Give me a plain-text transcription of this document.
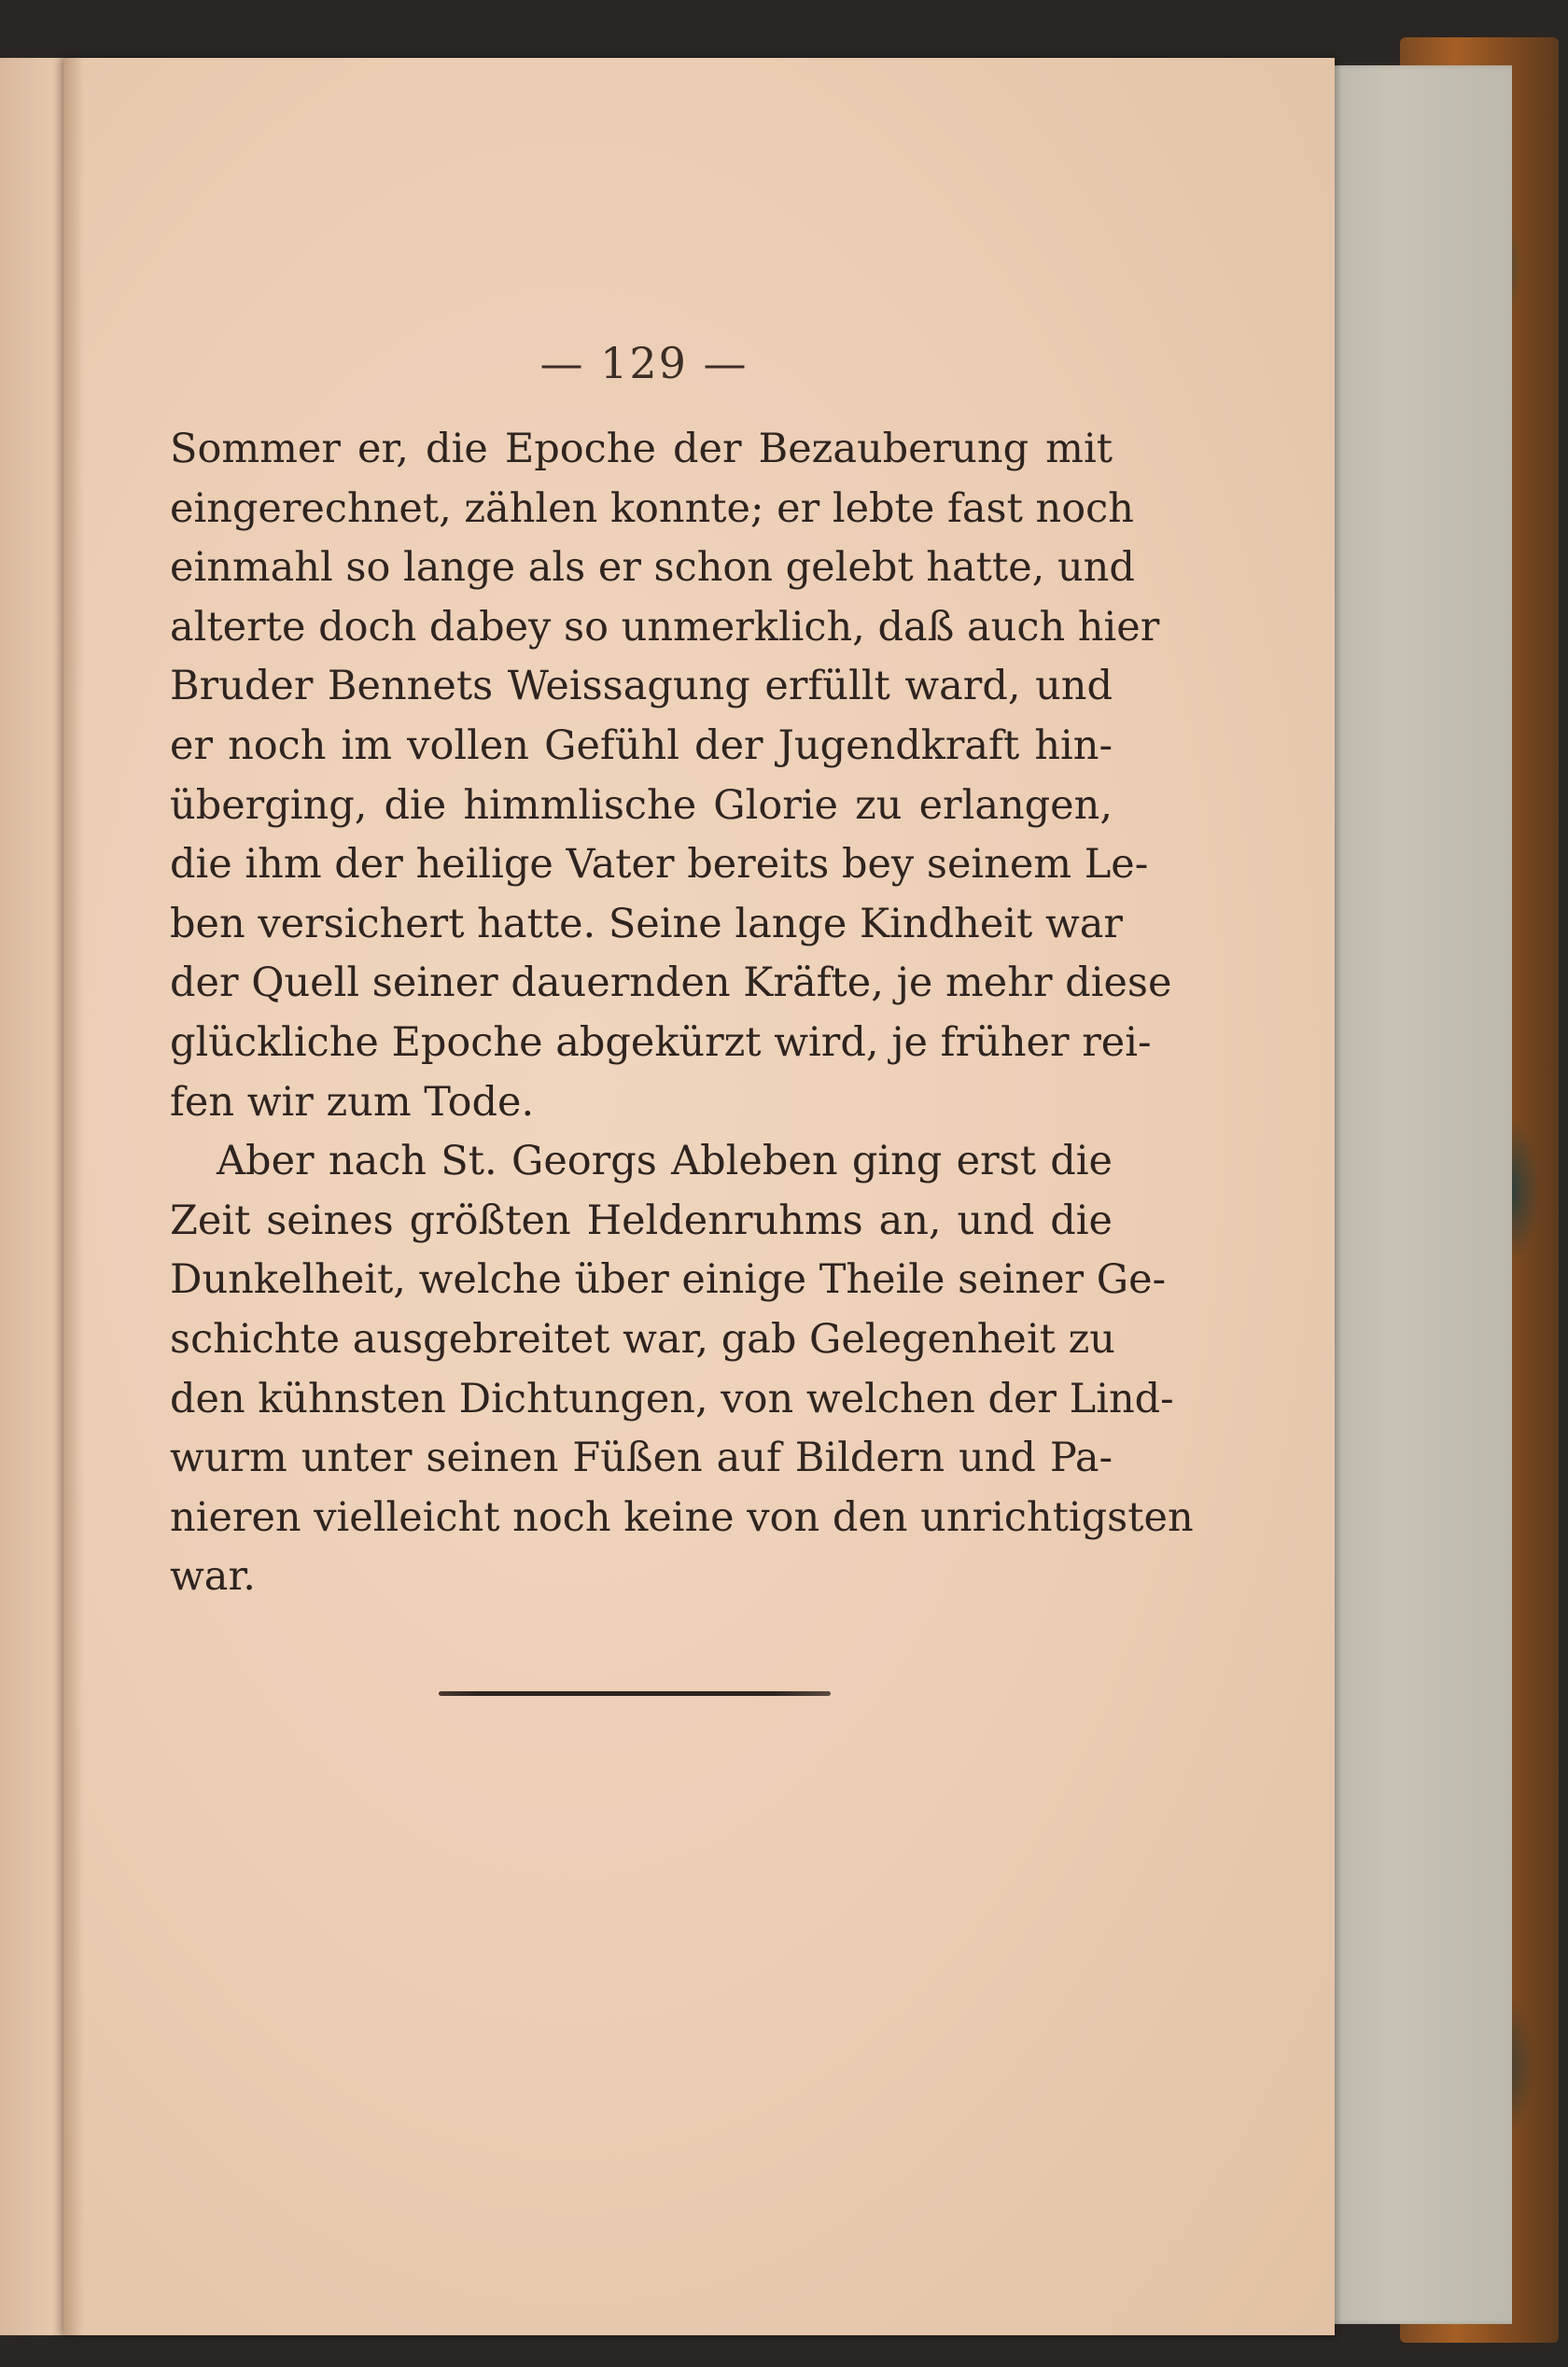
— 129 —
Sommer er, die Epoche der Bezauberung mit
eingerechnet, zählen konnte; er lebte fast noch
einmahl so lange als er schon gelebt hatte, und
alterte doch dabey so unmerklich, daß auch hier
Bruder Bennets Weissagung erfüllt ward, und
er noch im vollen Gefühl der Jugendkraft hin-
überging, die himmlische Glorie zu erlangen,
die ihm der heilige Vater bereits bey seinem Le-
ben versichert hatte. Seine lange Kindheit war
der Quell seiner dauernden Kräfte, je mehr diese
glückliche Epoche abgekürzt wird, je früher rei-
fen wir zum Tode.
Aber nach St. Georgs Ableben ging erst die
Zeit seines größten Heldenruhms an, und die
Dunkelheit, welche über einige Theile seiner Ge-
schichte ausgebreitet war, gab Gelegenheit zu
den kühnsten Dichtungen, von welchen der Lind-
wurm unter seinen Füßen auf Bildern und Pa-
nieren vielleicht noch keine von den unrichtigsten
war.
